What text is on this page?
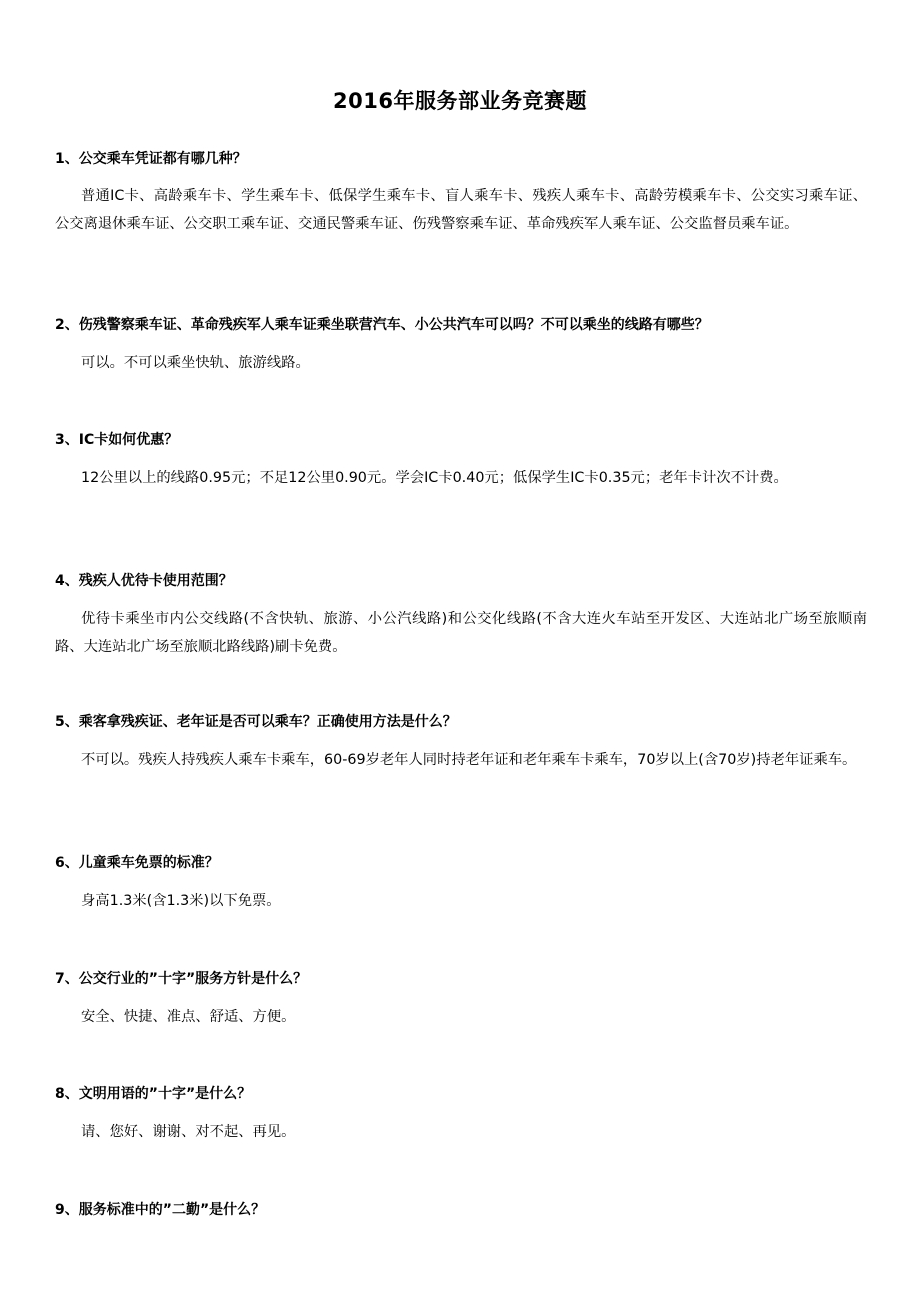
2016年服务部业务竞赛题
1、公交乘车凭证都有哪几种？
普通IC卡、高龄乘车卡、学生乘车卡、低保学生乘车卡、盲人乘车卡、残疾人乘车卡、高龄劳模乘车卡、公交实习乘车证、公交离退休乘车证、公交职工乘车证、交通民警乘车证、伤残警察乘车证、革命残疾军人乘车证、公交监督员乘车证。
2、伤残警察乘车证、革命残疾军人乘车证乘坐联营汽车、小公共汽车可以吗？不可以乘坐的线路有哪些？
可以。不可以乘坐快轨、旅游线路。
3、IC卡如何优惠？
12公里以上的线路0.95元；不足12公里0.90元。学会IC卡0.40元；低保学生IC卡0.35元；老年卡计次不计费。
4、残疾人优待卡使用范围？
优待卡乘坐市内公交线路(不含快轨、旅游、小公汽线路)和公交化线路(不含大连火车站至开发区、大连站北广场至旅顺南路、大连站北广场至旅顺北路线路)刷卡免费。
5、乘客拿残疾证、老年证是否可以乘车？正确使用方法是什么？
不可以。残疾人持残疾人乘车卡乘车，60-69岁老年人同时持老年证和老年乘车卡乘车，70岁以上(含70岁)持老年证乘车。
6、儿童乘车免票的标准？
身高1.3米(含1.3米)以下免票。
7、公交行业的”十字”服务方针是什么？
安全、快捷、准点、舒适、方便。
8、文明用语的”十字”是什么？
请、您好、谢谢、对不起、再见。
9、服务标准中的”二勤”是什么？
